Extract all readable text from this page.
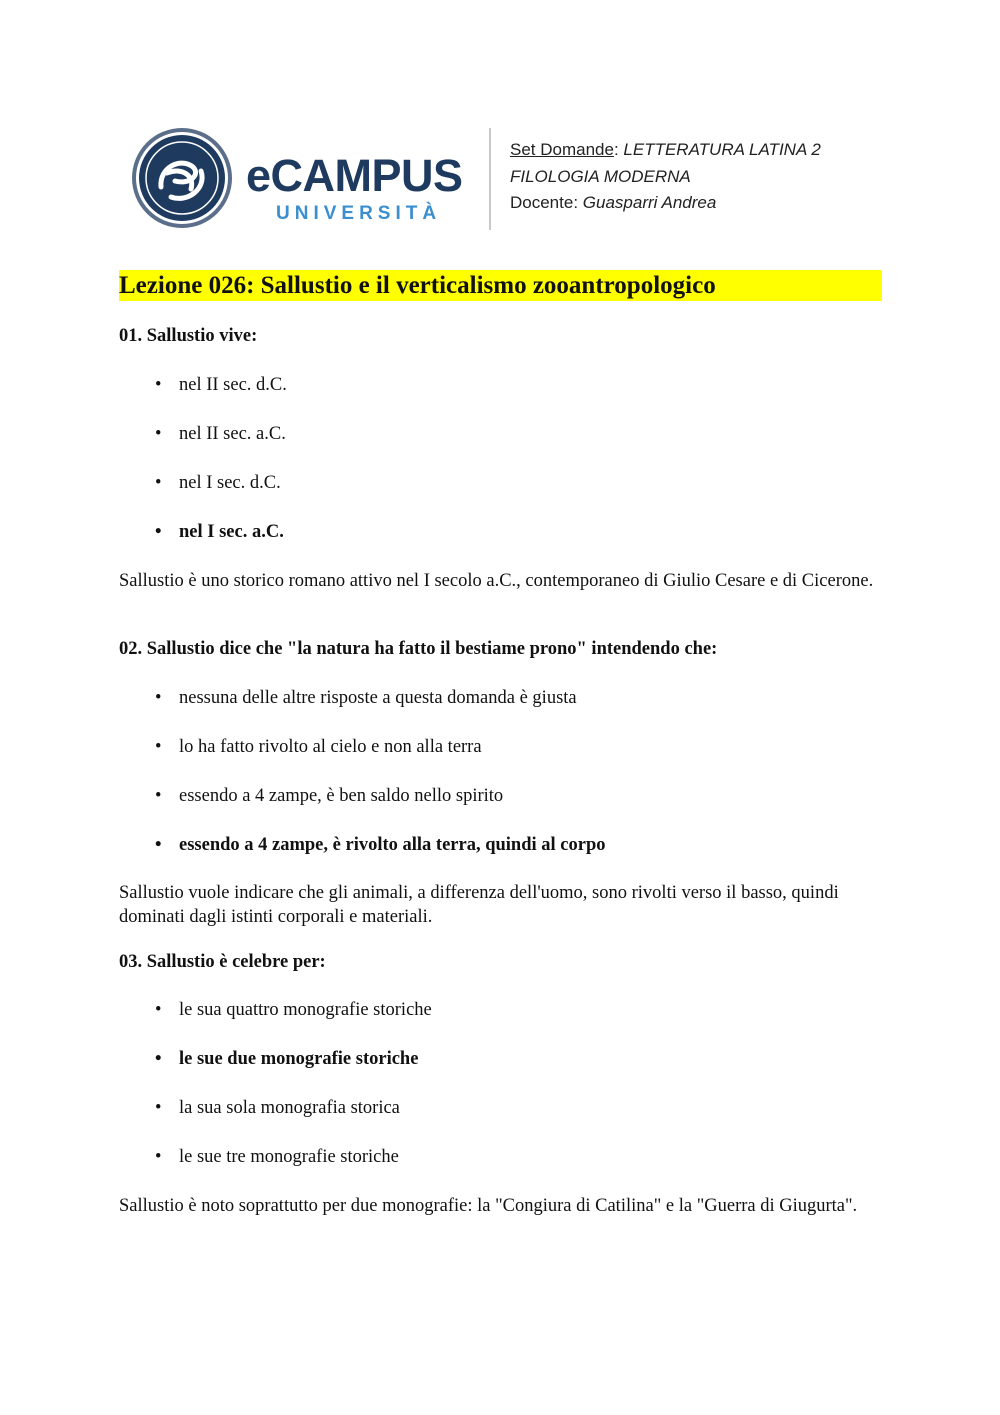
eCAMPUS
UNIVERSITÀ
Set Domande: LETTERATURA LATINA 2
FILOLOGIA MODERNA
Docente: Guasparri Andrea
Lezione 026: Sallustio e il verticalismo zooantropologico
01. Sallustio vive:
• nel II sec. d.C.
• nel II sec. a.C.
• nel I sec. d.C.
• nel I sec. a.C.
Sallustio è uno storico romano attivo nel I secolo a.C., contemporaneo di Giulio Cesare e di Cicerone.
02. Sallustio dice che "la natura ha fatto il bestiame prono" intendendo che:
• nessuna delle altre risposte a questa domanda è giusta
• lo ha fatto rivolto al cielo e non alla terra
• essendo a 4 zampe, è ben saldo nello spirito
• essendo a 4 zampe, è rivolto alla terra, quindi al corpo
Sallustio vuole indicare che gli animali, a differenza dell'uomo, sono rivolti verso il basso, quindi dominati dagli istinti corporali e materiali.
03. Sallustio è celebre per:
• le sua quattro monografie storiche
• le sue due monografie storiche
• la sua sola monografia storica
• le sue tre monografie storiche
Sallustio è noto soprattutto per due monografie: la "Congiura di Catilina" e la "Guerra di Giugurta".
